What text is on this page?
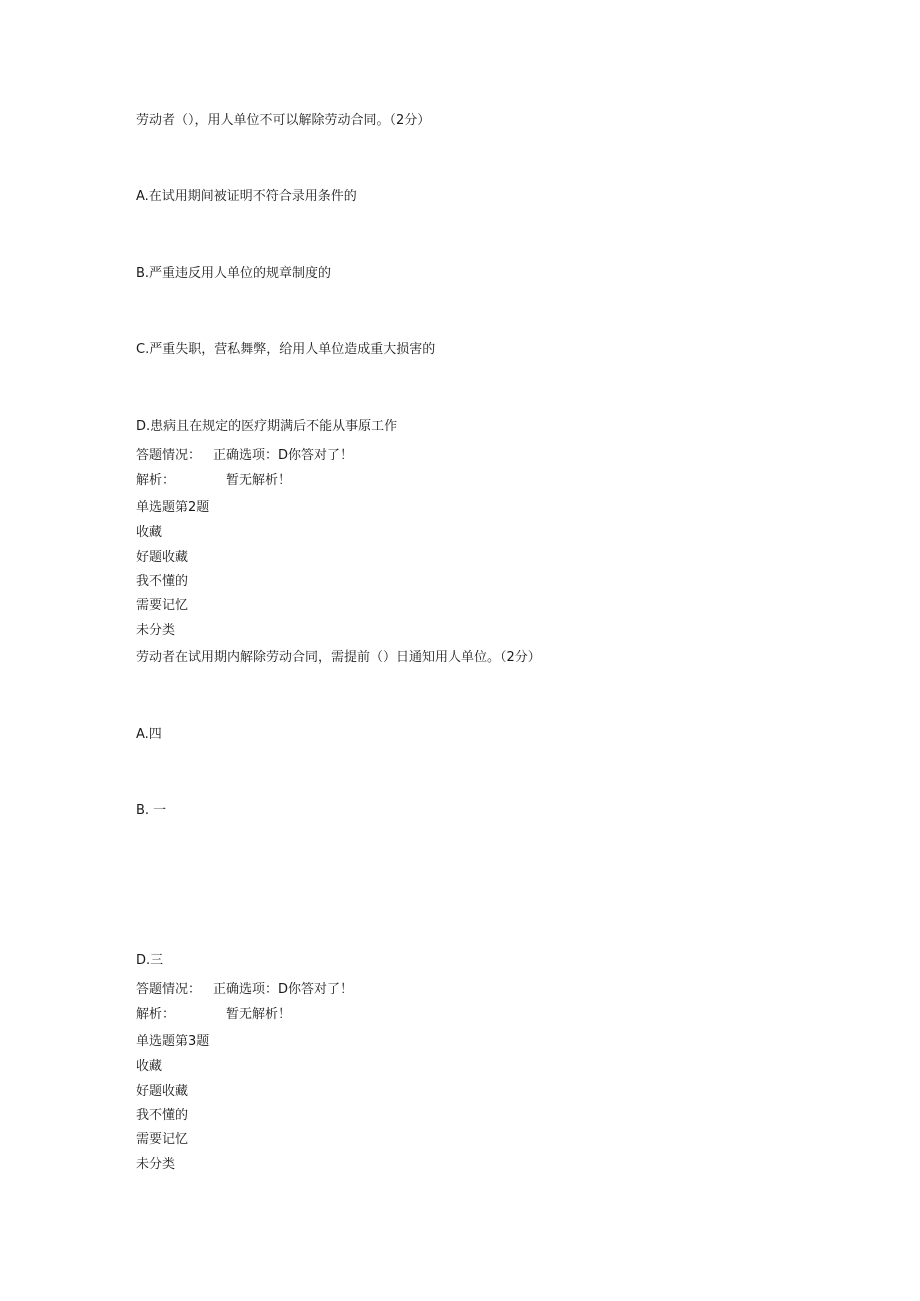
劳动者（），用人单位不可以解除劳动合同。（2分）
A.在试用期间被证明不符合录用条件的
B.严重违反用人单位的规章制度的
C.严重失职，营私舞弊，给用人单位造成重大损害的
D.患病且在规定的医疗期满后不能从事原工作
答题情况： 正确选项：D你答对了！
解析：	暂无解析！
单选题第2题
收藏
好题收藏
我不懂的
需要记忆
未分类
劳动者在试用期内解除劳动合同，需提前（）日通知用人单位。（2分）
A.四
B. 一
D.三
答题情况： 正确选项：D你答对了！
解析：	暂无解析！
单选题第3题
收藏
好题收藏
我不懂的
需要记忆
未分类
